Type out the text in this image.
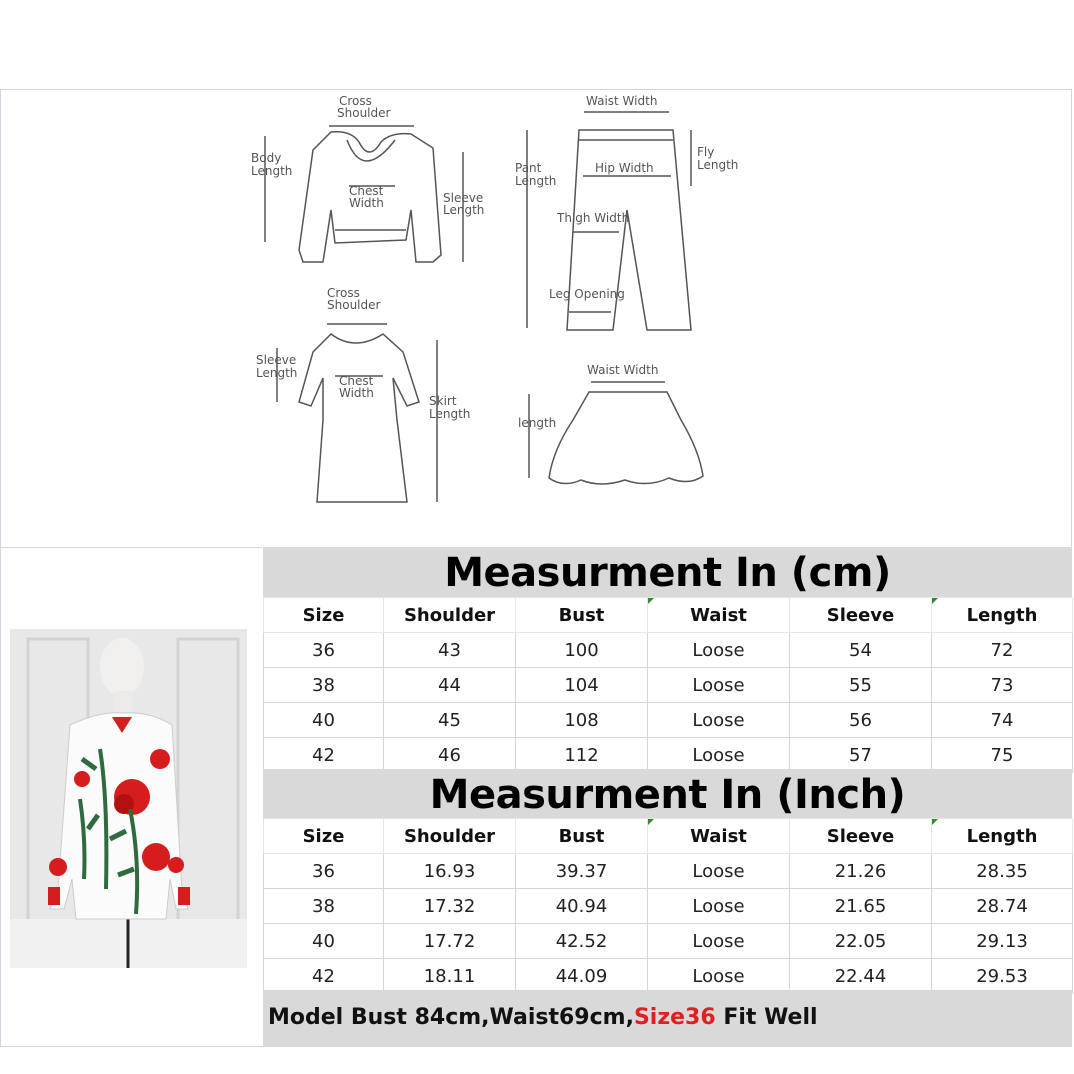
Cross
Shoulder
Body
Length
Chest
Width	Sleeve
Length
Waist Width
Pant
Length
Fly
Length
Hip Width
Thigh Width
Leg Opening
Cross
Shoulder
Sleeve
Length
Chest
Width
Skirt
Length
Waist Width
length
Measurment In (cm)
Size	Shoulder	Bust	Waist	Sleeve	Length
36	43	100	Loose	54	72
38	44	104	Loose	55	73
40	45	108	Loose	56	74
42	46	112	Loose	57	75
Measurment In (Inch)
Size	Shoulder	Bust	Waist	Sleeve	Length
36	16.93	39.37	Loose	21.26	28.35
38	17.32	40.94	Loose	21.65	28.74
40	17.72	42.52	Loose	22.05	29.13
42	18.11	44.09	Loose	22.44	29.53
Model Bust 84cm,Waist69cm,Size36 Fit Well
